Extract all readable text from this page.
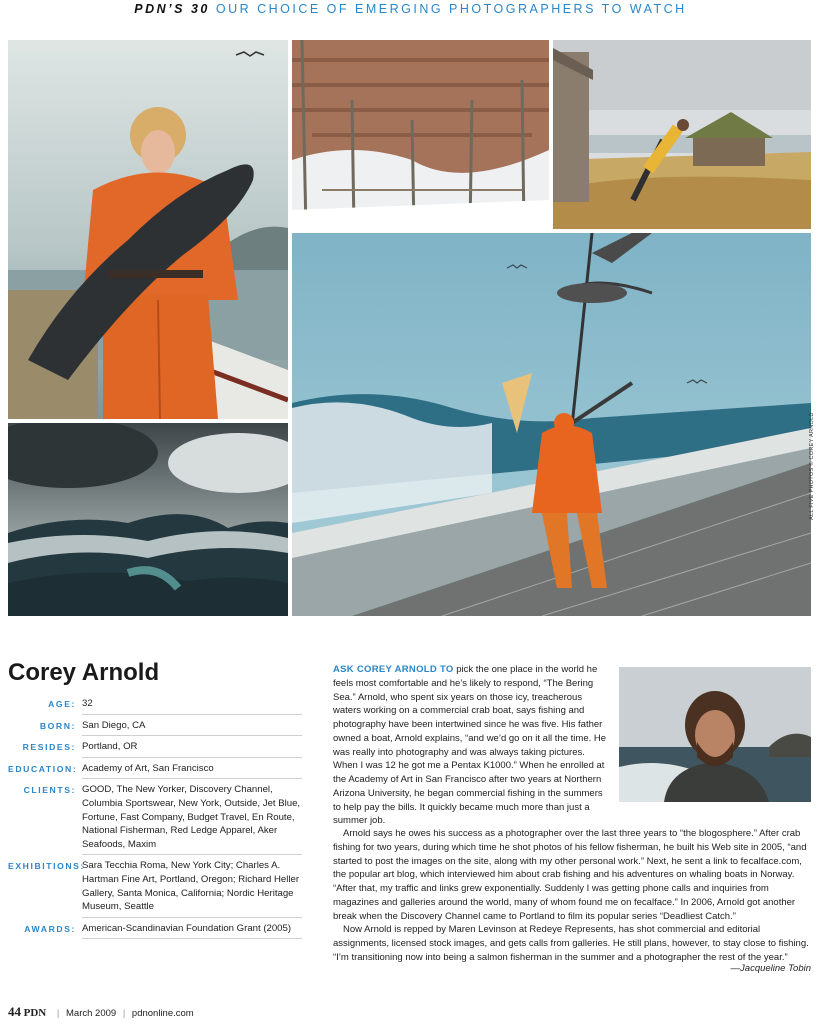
PDN’S 30 OUR CHOICE OF EMERGING PHOTOGRAPHERS TO WATCH
ALL FIVE PHOTOS © COREY ARNOLD
Corey Arnold
AGE: 32
BORN: San Diego, CA
RESIDES: Portland, OR
EDUCATION: Academy of Art, San Francisco
CLIENTS: GOOD, The New Yorker, Discovery Channel, Columbia Sportswear, New York, Outside, Jet Blue, Fortune, Fast Company, Budget Travel, En Route, National Fisherman, Red Ledge Apparel, Aker Seafoods, Maxim
EXHIBITIONS:
Sara Tecchia Roma, New York City; Charles A. Hartman Fine Art, Portland, Oregon; Richard Heller Gallery, Santa Monica, California; Nordic Heritage Museum, Seattle
AWARDS: American-Scandinavian Foundation Grant (2005)

ASK COREY ARNOLD TO pick the one place in the world he feels most comfortable and he’s likely to respond, “The Bering Sea.” Arnold, who spent six years on those icy, treacherous waters working on a commercial crab boat, says fishing and photography have been intertwined since he was five. His father owned a boat, Arnold explains, “and we’d go on it all the time. He was really into photography and was always taking pictures. When I was 12 he got me a Pentax K1000.” When he enrolled at the Academy of Art in San Francisco after two years at Northern Arizona University, he began commercial fishing in the summers to help pay the bills. It quickly became much more than just a summer job.

Arnold says he owes his success as a photographer over the last three years to “the blogosphere.” After crab fishing for two years, during which time he shot photos of his fellow fisherman, he built his Web site in 2005, “and started to post the images on the site, along with my other personal work.” Next, he sent a link to fecalface.com, the popular art blog, which interviewed him about crab fishing and his adventures on whaling boats in Norway. “After that, my traffic and links grew exponentially. Suddenly I was getting phone calls and inquiries from magazines and galleries around the world, many of whom found me on fecalface.” In 2006, Arnold got another break when the Discovery Channel came to Portland to film its popular series “Deadliest Catch.”

Now Arnold is repped by Maren Levinson at Redeye Represents, has shot commercial and editorial assignments, licensed stock images, and gets calls from galleries. He still plans, however, to stay close to fishing. “I’m transitioning now into being a salmon fisherman in the summer and a photographer the rest of the year.”

—Jacqueline Tobin
44 PDN | March 2009 | pdnonline.com
